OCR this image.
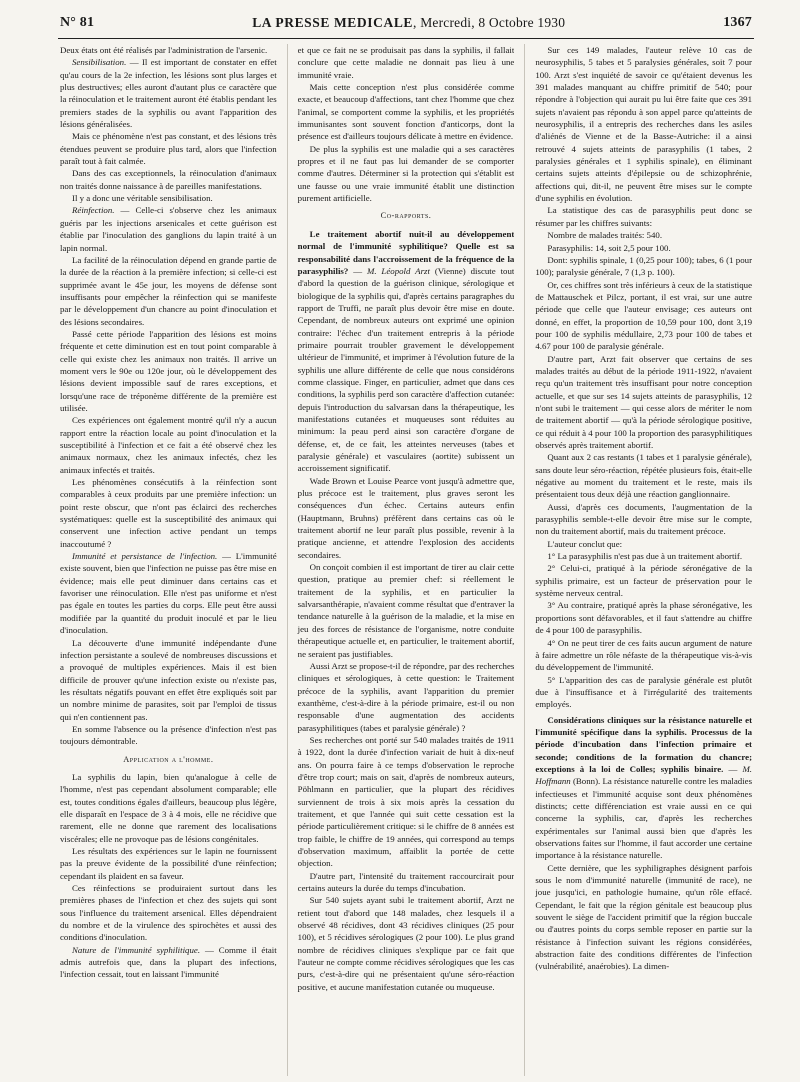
N° 81	LA PRESSE MEDICALE, Mercredi, 8 Octobre 1930	1367

Deux états ont été réalisés par l'administration de l'arsenic.

Sensibilisation. — Il est important de constater en effet qu'au cours de la 2e infection, les lésions sont plus larges et plus destructives; elles auront d'autant plus ce caractère que la réinoculation et le traitement auront été établis pendant les premiers stades de la syphilis ou avant l'apparition des lésions généralisées.

Mais ce phénomène n'est pas constant, et des lésions très étendues peuvent se produire plus tard, alors que l'infection paraît tout à fait calmée.

Dans des cas exceptionnels, la réinoculation d'animaux non traités donne naissance à de pareilles manifestations.

Il y a donc une véritable sensibilisation.

Réinfection. — Celle-ci s'observe chez les animaux guéris par les injections arsenicales et cette guérison est établie par l'inoculation des ganglions du lapin traité à un lapin normal.

La facilité de la réinoculation dépend en grande partie de la durée de la réaction à la première infection; si celle-ci est supprimée avant le 45e jour, les moyens de défense sont insuffisants pour empêcher la réinfection qui se manifeste par le développement d'un chancre au point d'inoculation et des lésions secondaires.

Passé cette période l'apparition des lésions est moins fréquente et cette diminution est en tout point comparable à celle qui existe chez les animaux non traités. Il arrive un moment vers le 90e ou 120e jour, où le développement des lésions devient impossible sauf de rares exceptions, et lorsqu'une race de tréponème différente de la première est utilisée.

Ces expériences ont également montré qu'il n'y a aucun rapport entre la réaction locale au point d'inoculation et la susceptibilité à l'infection et ce fait a été observé chez les animaux normaux, chez les animaux infectés, chez les animaux infectés et traités.

Les phénomènes consécutifs à la réinfection sont comparables à ceux produits par une première infection: un point reste obscur, que n'ont pas éclairci des recherches systématiques: quelle est la susceptibilité des animaux qui conservent une infection active pendant un temps inaccoutumé ?

Immunité et persistance de l'infection. — L'immunité existe souvent, bien que l'infection ne puisse pas être mise en évidence; mais elle peut diminuer dans certains cas et favoriser une réinoculation. Elle n'est pas uniforme et n'est pas égale en toutes les parties du corps. Elle peut être aussi modifiée par la quantité du produit inoculé et par le lieu d'inoculation.

La découverte d'une immunité indépendante d'une infection persistante a soulevé de nombreuses discussions et a provoqué de multiples expériences. Mais il est bien difficile de prouver qu'une infection existe ou n'existe pas, les résultats négatifs pouvant en effet être expliqués soit par un nombre minime de parasites, soit par l'emploi de tissus qui n'en contiennent pas.

En somme l'absence ou la présence d'infection n'est pas toujours démontrable.

Application a l'homme.

La syphilis du lapin, bien qu'analogue à celle de l'homme, n'est pas cependant absolument comparable; elle est, toutes conditions égales d'ailleurs, beaucoup plus légère, elle disparaît en l'espace de 3 à 4 mois, elle ne récidive que rarement, elle ne donne que rarement des localisations viscérales; elle ne provoque pas de lésions congénitales.

Les résultats des expériences sur le lapin ne fournissent pas la preuve évidente de la possibilité d'une réinfection; cependant ils plaident en sa faveur.

Ces réinfections se produiraient surtout dans les premières phases de l'infection et chez des sujets qui sont sous l'influence du traitement arsenical. Elles dépendraient du nombre et de la virulence des spirochètes et aussi des conditions d'inoculation.

Nature de l'immunité syphilitique. — Comme il était admis autrefois que, dans la plupart des infections, l'infection cessait, tout en laissant l'immunité

et que ce fait ne se produisait pas dans la syphilis, il fallait conclure que cette maladie ne donnait pas lieu à une immunité vraie.

Mais cette conception n'est plus considérée comme exacte, et beaucoup d'affections, tant chez l'homme que chez l'animal, se comportent comme la syphilis, et les propriétés immunisantes sont souvent fonction d'anticorps, dont la présence est d'ailleurs toujours délicate à mettre en évidence.

De plus la syphilis est une maladie qui a ses caractères propres et il ne faut pas lui demander de se comporter comme d'autres. Déterminer si la protection qui s'établit est une fausse ou une vraie immunité établit une distinction purement artificielle.

Co-rapports.

Le traitement abortif nuit-il au développement normal de l'immunité syphilitique? Quelle est sa responsabilité dans l'accroissement de la fréquence de la parasyphilis? — M. Léopold Arzt (Vienne) discute tout d'abord la question de la guérison clinique, sérologique et biologique de la syphilis qui, d'après certains paragraphes du rapport de Truffi, ne paraît plus devoir être mise en doute. Cependant, de nombreux auteurs ont exprimé une opinion contraire: l'échec d'un traitement entrepris à la période primaire pourrait troubler gravement le développement ultérieur de l'immunité, et imprimer à l'évolution future de la syphilis une allure différente de celle que nous considérons comme classique. Finger, en particulier, admet que dans ces conditions, la syphilis perd son caractère d'affection cutanée: depuis l'introduction du salvarsan dans la thérapeutique, les manifestations cutanées et muqueuses sont réduites au minimum: la peau perd ainsi son caractère d'organe de défense, et, de ce fait, les atteintes nerveuses (tabes et paralysie générale) et vasculaires (aortite) subissent un accroissement significatif.

Wade Brown et Louise Pearce vont jusqu'à admettre que, plus précoce est le traitement, plus graves seront les conséquences d'un échec. Certains auteurs enfin (Hauptmann, Bruhns) préfèrent dans certains cas où le traitement abortif ne leur paraît plus possible, revenir à la pratique ancienne, et attendre l'explosion des accidents secondaires.

On conçoit combien il est important de tirer au clair cette question, pratique au premier chef: si réellement le traitement de la syphilis, et en particulier la salvarsanthérapie, n'avaient comme résultat que d'entraver la tendance naturelle à la guérison de la maladie, et la mise en jeu des forces de résistance de l'organisme, notre conduite thérapeutique actuelle et, en particulier, le traitement abortif, ne seraient pas justifiables.

Aussi Arzt se propose-t-il de répondre, par des recherches cliniques et sérologiques, à cette question: le Traitement précoce de la syphilis, avant l'apparition du premier exanthème, c'est-à-dire à la période primaire, est-il ou non responsable d'une augmentation des accidents parasyphilitiques (tabes et paralysie générale) ?

Ses recherches ont porté sur 540 malades traités de 1911 à 1922, dont la durée d'infection variait de huit à dix-neuf ans. On pourra faire à ce temps d'observation le reproche d'être trop court; mais on sait, d'après de nombreux auteurs, Pöhlmann en particulier, que la plupart des récidives surviennent de trois à six mois après la cessation du traitement, et que l'année qui suit cette cessation est la période particulièrement critique: si le chiffre de 8 années est trop faible, le chiffre de 19 années, qui correspond au temps d'observation maximum, affaiblit la portée de cette objection.

D'autre part, l'intensité du traitement raccourcirait pour certains auteurs la durée du temps d'incubation.

Sur 540 sujets ayant subi le traitement abortif, Arzt ne retient tout d'abord que 148 malades, chez lesquels il a observé 48 récidives, dont 43 récidives cliniques (25 pour 100), et 5 récidives sérologiques (2 pour 100). Le plus grand nombre de récidives cliniques s'explique par ce fait que l'auteur ne compte comme récidives sérologiques que les cas purs, c'est-à-dire qui ne présentaient qu'une séro-réaction positive, et aucune manifestation cutanée ou muqueuse.

Sur ces 149 malades, l'auteur relève 10 cas de neurosyphilis, 5 tabes et 5 paralysies générales, soit 7 pour 100. Arzt s'est inquiété de savoir ce qu'étaient devenus les 391 malades manquant au chiffre primitif de 540; pour répondre à l'objection qui aurait pu lui être faite que ces 391 sujets n'avaient pas répondu à son appel parce qu'atteints de neurosyphilis, il a entrepris des recherches dans les asiles d'aliénés de Vienne et de la Basse-Autriche: il a ainsi retrouvé 4 sujets atteints de parasyphilis (1 tabes, 2 paralysies générales et 1 syphilis spinale), en éliminant certains sujets atteints d'épilepsie ou de schizophrénie, affections qui, dit-il, ne peuvent être mises sur le compte d'une syphilis en évolution.

La statistique des cas de parasyphilis peut donc se résumer par les chiffres suivants:

Nombre de malades traités: 540.

Parasyphilis: 14, soit 2,5 pour 100.

Dont: syphilis spinale, 1 (0,25 pour 100); tabes, 6 (1 pour 100); paralysie générale, 7 (1,3 p. 100).

Or, ces chiffres sont très inférieurs à ceux de la statistique de Mattauschek et Pilcz, portant, il est vrai, sur une autre période que celle que l'auteur envisage; ces auteurs ont donné, en effet, la proportion de 10,59 pour 100, dont 3,19 pour 100 de syphilis médullaire, 2,73 pour 100 de tabes et 4.67 pour 100 de paralysie générale.

D'autre part, Arzt fait observer que certains de ses malades traités au début de la période 1911-1922, n'avaient reçu qu'un traitement très insuffisant pour notre conception actuelle, et que sur ses 14 sujets atteints de parasyphilis, 12 n'ont subi le traitement — qui cesse alors de mériter le nom de traitement abortif — qu'à la période sérologique positive, ce qui réduit à 4 pour 100 la proportion des parasyphilitiques observés après traitement abortif.

Quant aux 2 cas restants (1 tabes et 1 paralysie générale), sans doute leur séro-réaction, répétée plusieurs fois, était-elle négative au moment du traitement et le reste, mais ils présentaient tous deux déjà une réaction ganglionnaire.

Aussi, d'après ces documents, l'augmentation de la parasyphilis semble-t-elle devoir être mise sur le compte, non du traitement abortif, mais du traitement précoce.

L'auteur conclut que:

1° La parasyphilis n'est pas due à un traitement abortif.

2° Celui-ci, pratiqué à la période séronégative de la syphilis primaire, est un facteur de préservation pour le système nerveux central.

3° Au contraire, pratiqué après la phase séronégative, les proportions sont défavorables, et il faut s'attendre au chiffre de 4 pour 100 de parasyphilis.

4° On ne peut tirer de ces faits aucun argument de nature à faire admettre un rôle néfaste de la thérapeutique vis-à-vis du développement de l'immunité.

5° L'apparition des cas de paralysie générale est plutôt due à l'insuffisance et à l'irrégularité des traitements employés.

Considérations cliniques sur la résistance naturelle et l'immunité spécifique dans la syphilis. Processus de la période d'incubation dans l'infection primaire et seconde; conditions de la formation du chancre; exceptions à la loi de Colles; syphilis binaire. — M. Hoffmann (Bonn). La résistance naturelle contre les maladies infectieuses et l'immunité acquise sont deux phénomènes distincts; cette différenciation est vraie aussi en ce qui concerne la syphilis, car, d'après les recherches expérimentales sur l'animal aussi bien que d'après les observations faites sur l'homme, il faut accorder une certaine importance à la résistance naturelle.

Cette dernière, que les syphiligraphes désignent parfois sous le nom d'immunité naturelle (immunité de race), ne joue jusqu'ici, en pathologie humaine, qu'un rôle effacé. Cependant, le fait que la région génitale est beaucoup plus souvent le siège de l'accident primitif que la région buccale ou d'autres points du corps semble reposer en partie sur la résistance à l'infection suivant les régions considérées, abstraction faite des conditions différentes de l'infection (vulnérabilité, anaérobies). La dimen-
